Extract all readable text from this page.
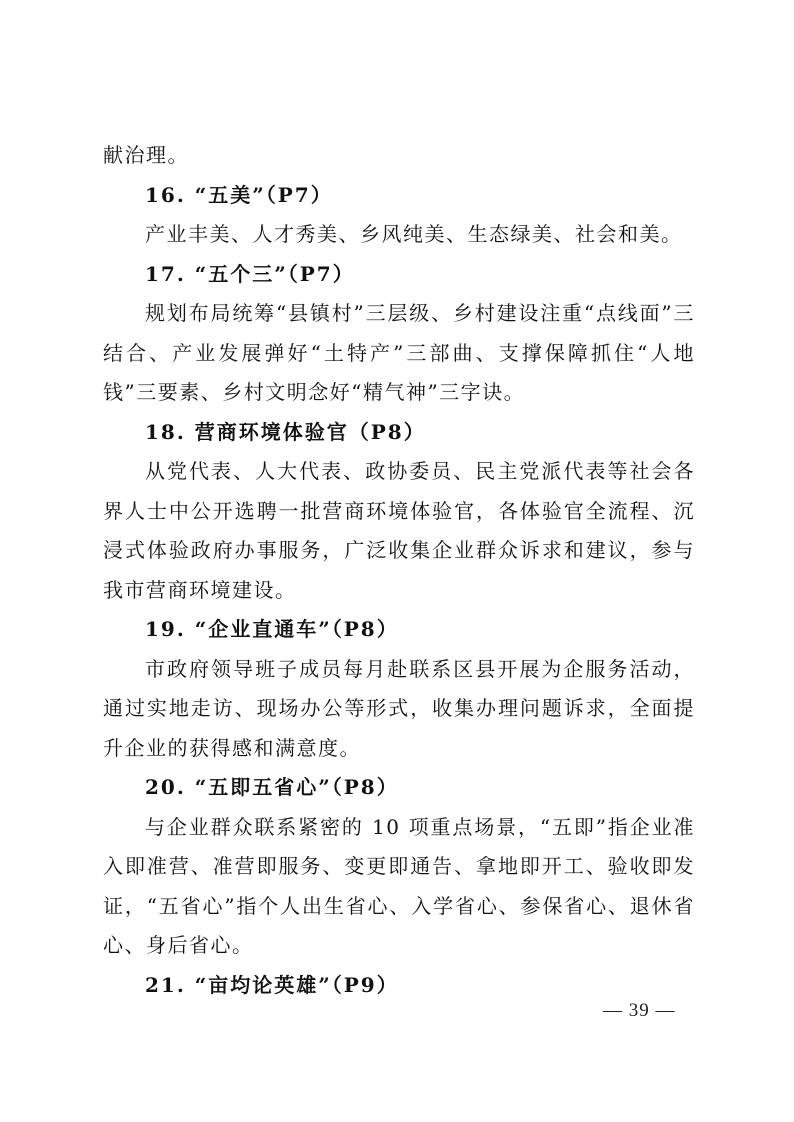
献治理。

16. “五美”（P7）

产业丰美、人才秀美、乡风纯美、生态绿美、社会和美。

17. “五个三”（P7）

规划布局统筹“县镇村”三层级、乡村建设注重“点线面”三结合、产业发展弹好“土特产”三部曲、支撑保障抓住“人地钱”三要素、乡村文明念好“精气神”三字诀。

18. 营商环境体验官（P8）

从党代表、人大代表、政协委员、民主党派代表等社会各界人士中公开选聘一批营商环境体验官，各体验官全流程、沉浸式体验政府办事服务，广泛收集企业群众诉求和建议，参与我市营商环境建设。

19. “企业直通车”（P8）

市政府领导班子成员每月赴联系区县开展为企服务活动，通过实地走访、现场办公等形式，收集办理问题诉求，全面提升企业的获得感和满意度。

20. “五即五省心”（P8）

与企业群众联系紧密的 10 项重点场景，“五即”指企业准入即准营、准营即服务、变更即通告、拿地即开工、验收即发证，“五省心”指个人出生省心、入学省心、参保省心、退休省心、身后省心。

21. “亩均论英雄”（P9）

— 39 —
